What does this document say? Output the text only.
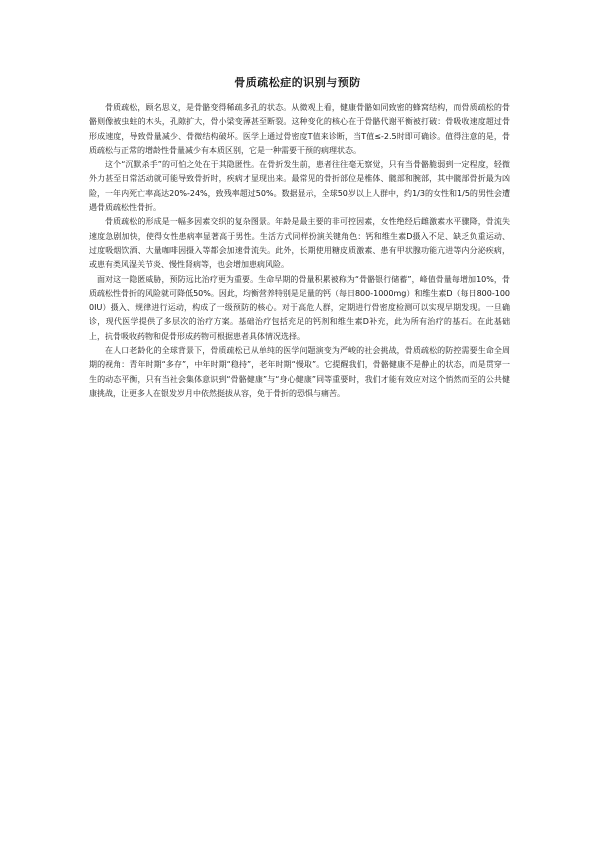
骨质疏松症的识别与预防

骨质疏松，顾名思义，是骨骼变得稀疏多孔的状态。从微观上看，健康骨骼如同致密的蜂窝结构，而骨质疏松的骨骼则像被虫蛀的木头，孔隙扩大，骨小梁变薄甚至断裂。这种变化的核心在于骨骼代谢平衡被打破：骨吸收速度超过骨形成速度，导致骨量减少、骨微结构破坏。医学上通过骨密度T值来诊断，当T值≤-2.5时即可确诊。值得注意的是，骨质疏松与正常的增龄性骨量减少有本质区别，它是一种需要干预的病理状态。

这个“沉默杀手”的可怕之处在于其隐匿性。在骨折发生前，患者往往毫无察觉，只有当骨骼脆弱到一定程度，轻微外力甚至日常活动就可能导致骨折时，疾病才显现出来。最常见的骨折部位是椎体、髋部和腕部，其中髋部骨折最为凶险，一年内死亡率高达20%-24%，致残率超过50%。数据显示，全球50岁以上人群中，约1/3的女性和1/5的男性会遭遇骨质疏松性骨折。

骨质疏松的形成是一幅多因素交织的复杂图景。年龄是最主要的非可控因素，女性绝经后雌激素水平骤降，骨流失速度急剧加快，使得女性患病率显著高于男性。生活方式同样扮演关键角色：钙和维生素D摄入不足、缺乏负重运动、过度吸烟饮酒、大量咖啡因摄入等都会加速骨流失。此外，长期使用糖皮质激素、患有甲状腺功能亢进等内分泌疾病，或患有类风湿关节炎、慢性肾病等，也会增加患病风险。

面对这一隐匿威胁，预防远比治疗更为重要。生命早期的骨量积累被称为“骨骼银行储蓄”，峰值骨量每增加10%，骨质疏松性骨折的风险就可降低50%。因此，均衡营养特别是足量的钙（每日800-1000mg）和维生素D（每日800-1000IU）摄入、规律进行运动，构成了一级预防的核心。对于高危人群，定期进行骨密度检测可以实现早期发现。一旦确诊，现代医学提供了多层次的治疗方案。基础治疗包括充足的钙剂和维生素D补充，此为所有治疗的基石。在此基础上，抗骨吸收药物和促骨形成药物可根据患者具体情况选择。

在人口老龄化的全球背景下，骨质疏松已从单纯的医学问题演变为严峻的社会挑战，骨质疏松的防控需要生命全周期的视角：青年时期“多存”，中年时期“稳持”，老年时期“慢取”。它提醒我们，骨骼健康不是静止的状态，而是贯穿一生的动态平衡，只有当社会集体意识到“骨骼健康”与“身心健康”同等重要时，我们才能有效应对这个悄然而至的公共健康挑战，让更多人在银发岁月中依然挺拔从容，免于骨折的恐惧与痛苦。
